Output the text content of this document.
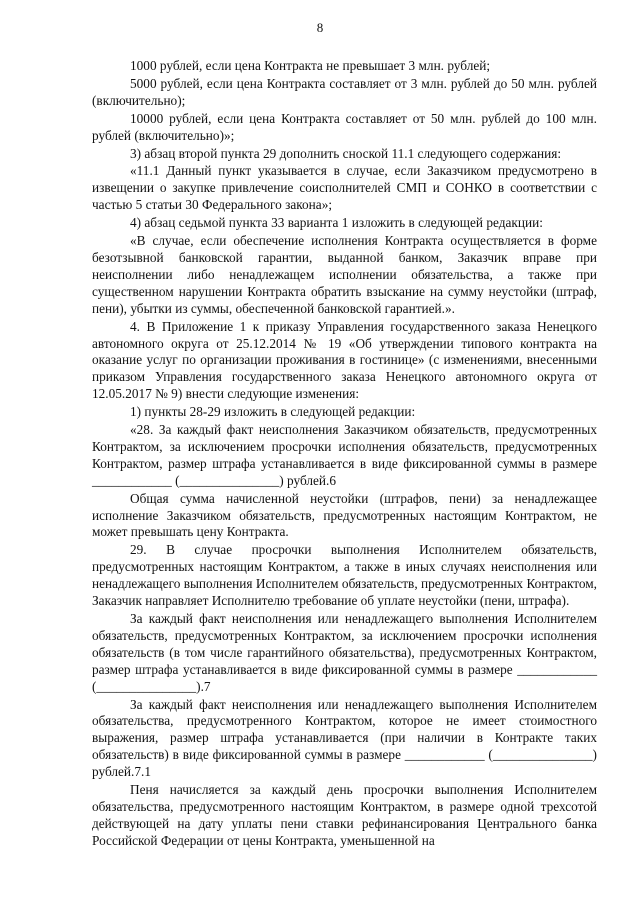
8

1000 рублей, если цена Контракта не превышает 3 млн. рублей;

5000 рублей, если цена Контракта составляет от 3 млн. рублей до 50 млн. рублей (включительно);

10000 рублей, если цена Контракта составляет от 50 млн. рублей до 100 млн. рублей (включительно)»;

3) абзац второй пункта 29 дополнить сноской 11.1 следующего содержания:

«11.1 Данный пункт указывается в случае, если Заказчиком предусмотрено в извещении о закупке привлечение соисполнителей СМП и СОНКО в соответствии с частью 5 статьи 30 Федерального закона»;

4) абзац седьмой пункта 33 варианта 1 изложить в следующей редакции:

«В случае, если обеспечение исполнения Контракта осуществляется в форме безотзывной банковской гарантии, выданной банком, Заказчик вправе при неисполнении либо ненадлежащем исполнении обязательства, а также при существенном нарушении Контракта обратить взыскание на сумму неустойки (штраф, пени), убытки из суммы, обеспеченной банковской гарантией.».

4. В Приложение 1 к приказу Управления государственного заказа Ненецкого автономного округа от 25.12.2014 № 19 «Об утверждении типового контракта на оказание услуг по организации проживания в гостинице» (с изменениями, внесенными приказом Управления государственного заказа Ненецкого автономного округа от 12.05.2017 № 9) внести следующие изменения:

1) пункты 28-29 изложить в следующей редакции:

«28. За каждый факт неисполнения Заказчиком обязательств, предусмотренных Контрактом, за исключением просрочки исполнения обязательств, предусмотренных Контрактом, размер штрафа устанавливается в виде фиксированной суммы в размере ____________ (_______________) рублей.6

Общая сумма начисленной неустойки (штрафов, пени) за ненадлежащее исполнение Заказчиком обязательств, предусмотренных настоящим Контрактом, не может превышать цену Контракта.

29. В случае просрочки выполнения Исполнителем обязательств, предусмотренных настоящим Контрактом, а также в иных случаях неисполнения или ненадлежащего выполнения Исполнителем обязательств, предусмотренных Контрактом, Заказчик направляет Исполнителю требование об уплате неустойки (пени, штрафа).

За каждый факт неисполнения или ненадлежащего выполнения Исполнителем обязательств, предусмотренных Контрактом, за исключением просрочки исполнения обязательств (в том числе гарантийного обязательства), предусмотренных Контрактом, размер штрафа устанавливается в виде фиксированной суммы в размере ____________ (_______________).7

За каждый факт неисполнения или ненадлежащего выполнения Исполнителем обязательства, предусмотренного Контрактом, которое не имеет стоимостного выражения, размер штрафа устанавливается (при наличии в Контракте таких обязательств) в виде фиксированной суммы в размере ____________ (_______________) рублей.7.1

Пеня начисляется за каждый день просрочки выполнения Исполнителем обязательства, предусмотренного настоящим Контрактом, в размере одной трехсотой действующей на дату уплаты пени ставки рефинансирования Центрального банка Российской Федерации от цены Контракта, уменьшенной на
